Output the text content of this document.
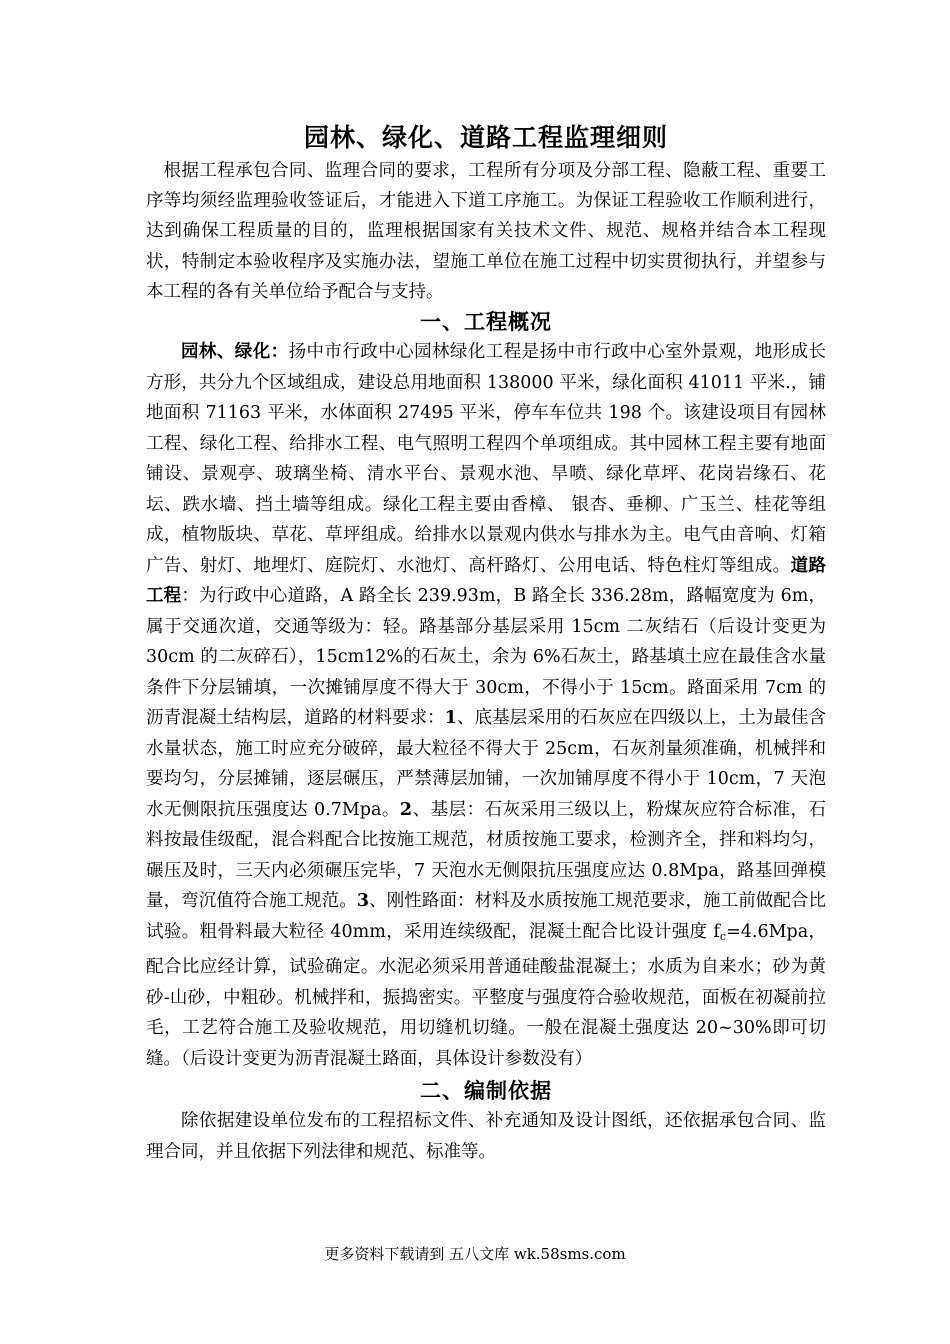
园林、绿化、道路工程监理细则

根据工程承包合同、监理合同的要求，工程所有分项及分部工程、隐蔽工程、重要工序等均须经监理验收签证后，才能进入下道工序施工。为保证工程验收工作顺利进行，达到确保工程质量的目的，监理根据国家有关技术文件、规范、规格并结合本工程现状，特制定本验收程序及实施办法，望施工单位在施工过程中切实贯彻执行，并望参与本工程的各有关单位给予配合与支持。

一、工程概况

园林、绿化：扬中市行政中心园林绿化工程是扬中市行政中心室外景观，地形成长方形，共分九个区域组成，建设总用地面积 138000 平米，绿化面积 41011 平米.，铺地面积 71163 平米，水体面积 27495 平米，停车车位共 198 个。该建设项目有园林工程、绿化工程、给排水工程、电气照明工程四个单项组成。其中园林工程主要有地面铺设、景观亭、玻璃坐椅、清水平台、景观水池、旱喷、绿化草坪、花岗岩缘石、花坛、跌水墙、挡土墙等组成。绿化工程主要由香樟、 银杏、垂柳、广玉兰、桂花等组成，植物版块、草花、草坪组成。给排水以景观内供水与排水为主。电气由音响、灯箱广告、射灯、地埋灯、庭院灯、水池灯、高杆路灯、公用电话、特色柱灯等组成。道路工程：为行政中心道路，A 路全长 239.93m，B 路全长 336.28m，路幅宽度为 6m，属于交通次道，交通等级为：轻。路基部分基层采用 15cm 二灰结石（后设计变更为 30cm 的二灰碎石），15cm12%的石灰土，余为 6%石灰土，路基填土应在最佳含水量条件下分层铺填，一次摊铺厚度不得大于 30cm，不得小于 15cm。路面采用 7cm 的沥青混凝土结构层，道路的材料要求：1、底基层采用的石灰应在四级以上，土为最佳含水量状态，施工时应充分破碎，最大粒径不得大于 25cm，石灰剂量须准确，机械拌和要均匀，分层摊铺，逐层碾压，严禁薄层加铺，一次加铺厚度不得小于 10cm，7 天泡水无侧限抗压强度达 0.7Mpa。2、基层：石灰采用三级以上，粉煤灰应符合标准，石料按最佳级配，混合料配合比按施工规范，材质按施工要求，检测齐全，拌和料均匀，碾压及时，三天内必须碾压完毕，7 天泡水无侧限抗压强度应达 0.8Mpa，路基回弹模量，弯沉值符合施工规范。3、刚性路面：材料及水质按施工规范要求，施工前做配合比试验。粗骨料最大粒径 40mm，采用连续级配，混凝土配合比设计强度 $f_c=4.6Mpa$，配合比应经计算，试验确定。水泥必须采用普通硅酸盐混凝土；水质为自来水；砂为黄砂-山砂，中粗砂。机械拌和，振捣密实。平整度与强度符合验收规范，面板在初凝前拉毛，工艺符合施工及验收规范，用切缝机切缝。一般在混凝土强度达 20~30%即可切缝。（后设计变更为沥青混凝土路面，具体设计参数没有）

二、编制依据

除依据建设单位发布的工程招标文件、补充通知及设计图纸，还依据承包合同、监理合同，并且依据下列法律和规范、标准等。

更多资料下载请到 五八文库 wk.58sms.com
